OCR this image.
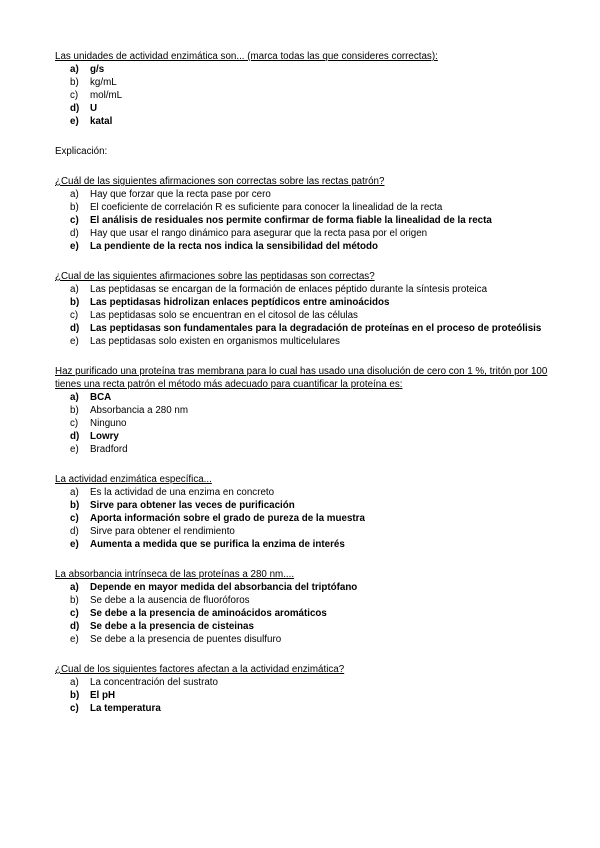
Las unidades de actividad enzimática son... (marca todas las que consideres correctas):
a)	g/s
b)	kg/mL
c)	mol/mL
d)	U
e)	katal
Explicación:
¿Cuál de las siguientes afirmaciones son correctas sobre las rectas patrón?
a)	Hay que forzar que la recta pase por cero
b)	El coeficiente de correlación R es suficiente para conocer la linealidad de la recta
c)	El análisis de residuales nos permite confirmar de forma fiable la linealidad de la recta
d)	Hay que usar el rango dinámico para asegurar que la recta pasa por el origen
e)	La pendiente de la recta nos indica la sensibilidad del método
¿Cual de las siguientes afirmaciones sobre las peptidasas son correctas?
a)	Las peptidasas se encargan de la formación de enlaces péptido durante la síntesis proteica
b)	Las peptidasas hidrolizan enlaces peptídicos entre aminoácidos
c)	Las peptidasas solo se encuentran en el citosol de las células
d)	Las peptidasas son fundamentales para la degradación de proteínas en el proceso de proteólisis
e)	Las peptidasas solo existen en organismos multicelulares
Haz purificado una proteína tras membrana para lo cual has usado una disolución de cero con 1 %, tritón por 100 tienes una recta patrón el método más adecuado para cuantificar la proteína es:
a)	BCA
b)	Absorbancia a 280 nm
c)	Ninguno
d)	Lowry
e)	Bradford
La actividad enzimática específica...
a)	Es la actividad de una enzima en concreto
b)	Sirve para obtener las veces de purificación
c)	Aporta información sobre el grado de pureza de la muestra
d)	Sirve para obtener el rendimiento
e)	Aumenta a medida que se purifica la enzima de interés
La absorbancia intrínseca de las proteínas a 280 nm....
a)	Depende en mayor medida del absorbancia del triptófano
b)	Se debe a la ausencia de fluoróforos
c)	Se debe a la presencia de aminoácidos aromáticos
d)	Se debe a la presencia de cisteinas
e)	Se debe a la presencia de puentes disulfuro
¿Cual de los siguientes factores afectan a la actividad enzimática?
a)	La concentración del sustrato
b)	El pH
c)	La temperatura
